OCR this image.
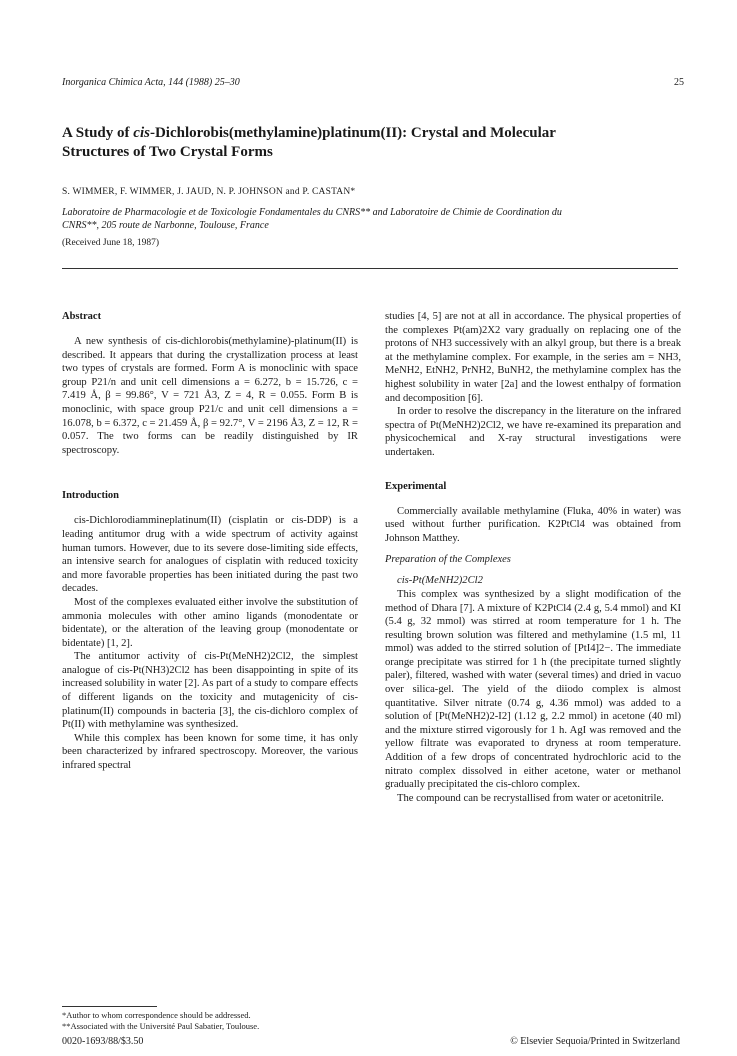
Inorganica Chimica Acta, 144 (1988) 25–30	25
A Study of cis-Dichlorobis(methylamine)platinum(II): Crystal and Molecular
Structures of Two Crystal Forms
S. WIMMER, F. WIMMER, J. JAUD, N. P. JOHNSON and P. CASTAN*
Laboratoire de Pharmacologie et de Toxicologie Fondamentales du CNRS** and Laboratoire de Chimie de Coordination du
CNRS**, 205 route de Narbonne, Toulouse, France
(Received June 18, 1987)
Abstract

A new synthesis of cis-dichlorobis(methylamine)-platinum(II) is described. It appears that during the crystallization process at least two types of crystals are formed. Form A is monoclinic with space group P21/n and unit cell dimensions a = 6.272, b = 15.726, c = 7.419 Å, β = 99.86°, V = 721 Å3, Z = 4, R = 0.055. Form B is monoclinic, with space group P21/c and unit cell dimensions a = 16.078, b = 6.372, c = 21.459 Å, β = 92.7°, V = 2196 Å3, Z = 12, R = 0.057. The two forms can be readily distinguished by IR spectroscopy.

Introduction

cis-Dichlorodiammineplatinum(II) (cisplatin or cis-DDP) is a leading antitumor drug with a wide spectrum of activity against human tumors. However, due to its severe dose-limiting side effects, an intensive search for analogues of cisplatin with reduced toxicity and more favorable properties has been initiated during the past two decades.

Most of the complexes evaluated either involve the substitution of ammonia molecules with other amino ligands (monodentate or bidentate), or the alteration of the leaving group (monodentate or bidentate) [1, 2].

The antitumor activity of cis-Pt(MeNH2)2Cl2, the simplest analogue of cis-Pt(NH3)2Cl2 has been disappointing in spite of its increased solubility in water [2]. As part of a study to compare effects of different ligands on the toxicity and mutagenicity of cis-platinum(II) compounds in bacteria [3], the cis-dichloro complex of Pt(II) with methylamine was synthesized.

While this complex has been known for some time, it has only been characterized by infrared spectroscopy. Moreover, the various infrared spectral

studies [4, 5] are not at all in accordance. The physical properties of the complexes Pt(am)2X2 vary gradually on replacing one of the protons of NH3 successively with an alkyl group, but there is a break at the methylamine complex. For example, in the series am = NH3, MeNH2, EtNH2, PrNH2, BuNH2, the methylamine complex has the highest solubility in water [2a] and the lowest enthalpy of formation and decomposition [6].

In order to resolve the discrepancy in the literature on the infrared spectra of Pt(MeNH2)2Cl2, we have re-examined its preparation and physicochemical and X-ray structural investigations were undertaken.

Experimental

Commercially available methylamine (Fluka, 40% in water) was used without further purification. K2PtCl4 was obtained from Johnson Matthey.

Preparation of the Complexes

cis-Pt(MeNH2)2Cl2

This complex was synthesized by a slight modification of the method of Dhara [7]. A mixture of K2PtCl4 (2.4 g, 5.4 mmol) and KI (5.4 g, 32 mmol) was stirred at room temperature for 1 h. The resulting brown solution was filtered and methylamine (1.5 ml, 11 mmol) was added to the stirred solution of [PtI4]2−. The immediate orange precipitate was stirred for 1 h (the precipitate turned slightly paler), filtered, washed with water (several times) and dried in vacuo over silica-gel. The yield of the diiodo complex is almost quantitative. Silver nitrate (0.74 g, 4.36 mmol) was added to a solution of [Pt(MeNH2)2-I2] (1.12 g, 2.2 mmol) in acetone (40 ml) and the mixture stirred vigorously for 1 h. AgI was removed and the yellow filtrate was evaporated to dryness at room temperature. Addition of a few drops of concentrated hydrochloric acid to the nitrato complex dissolved in either acetone, water or methanol gradually precipitated the cis-chloro complex.

The compound can be recrystallised from water or acetonitrile.

*Author to whom correspondence should be addressed.
**Associated with the Université Paul Sabatier, Toulouse.
0020-1693/88/$3.50	© Elsevier Sequoia/Printed in Switzerland
